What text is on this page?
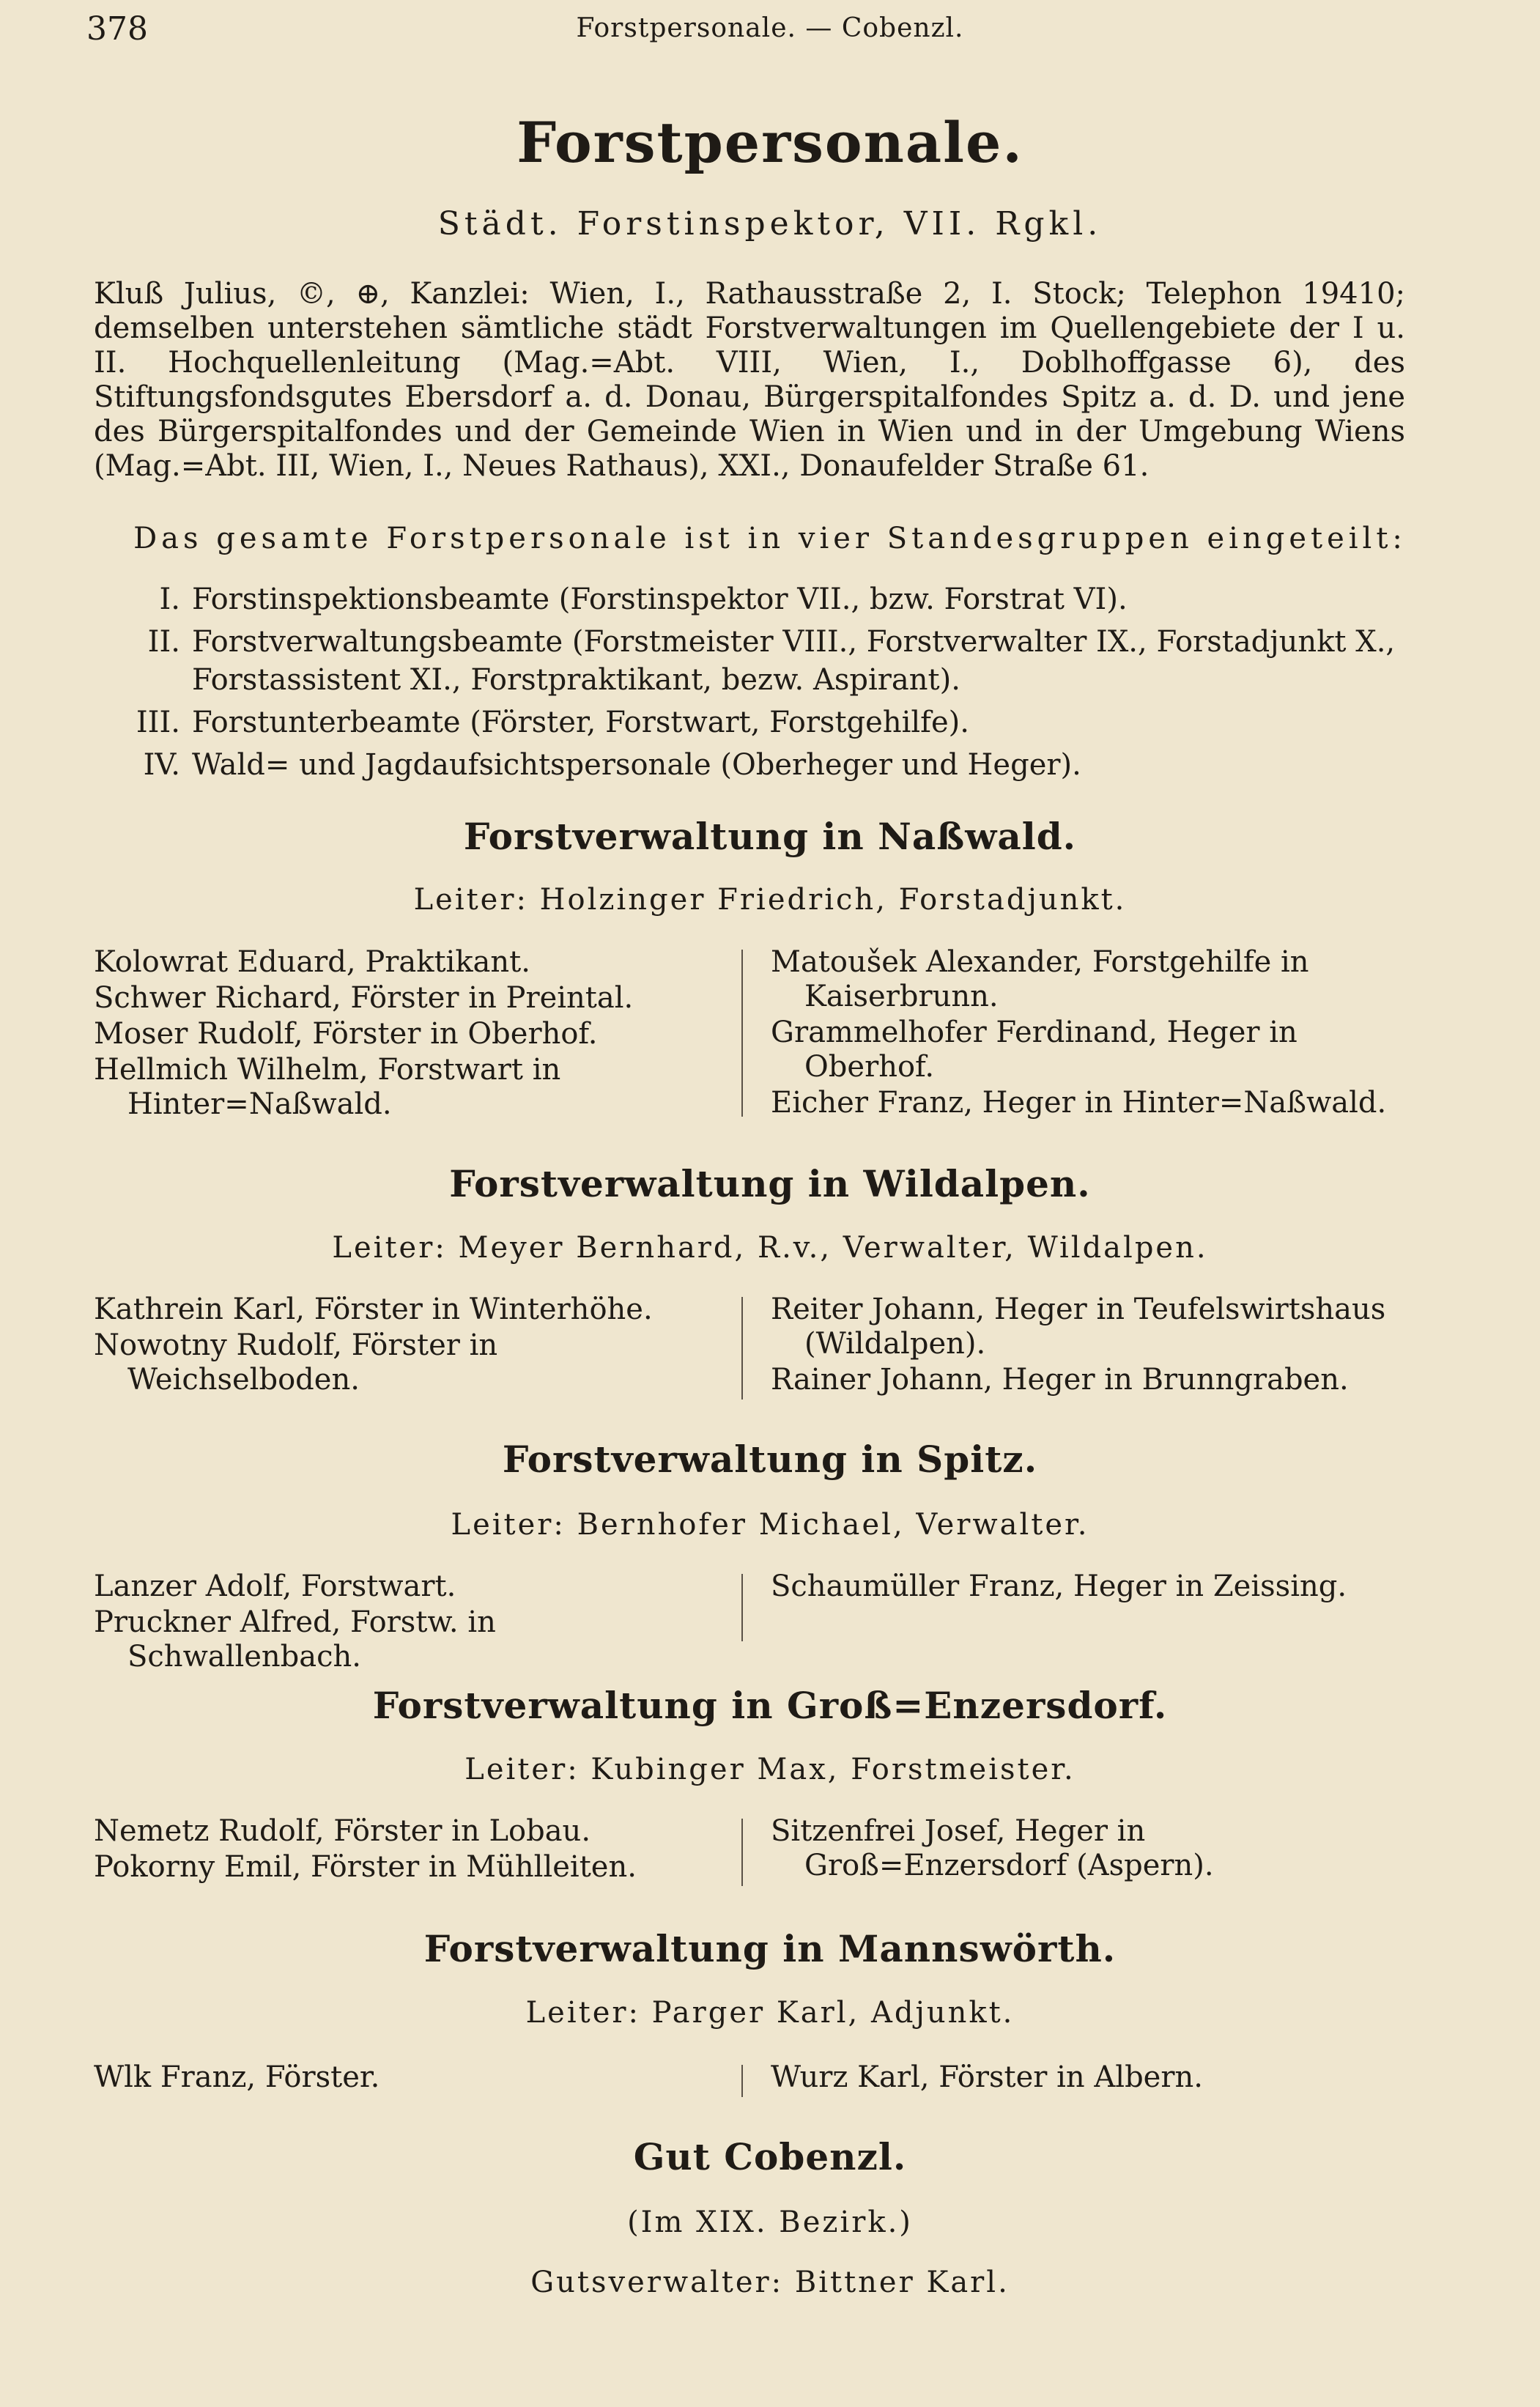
378	Forstpersonale. — Cobenzl.
Forstpersonale.
Städt. Forstinspektor, VII. Rgkl.

Kluß Julius, ©, ⊕, Kanzlei: Wien, I., Rathausstraße 2, I. Stock; Telephon 19410; demselben unterstehen sämtliche städt Forstverwaltungen im Quellengebiete der I u. II. Hochquellenleitung (Mag.=Abt. VIII, Wien, I., Doblhoffgasse 6), des Stiftungsfondsgutes Ebersdorf a. d. Donau, Bürgerspitalfondes Spitz a. d. D. und jene des Bürgerspitalfondes und der Gemeinde Wien in Wien und in der Umgebung Wiens (Mag.=Abt. III, Wien, I., Neues Rathaus), XXI., Donaufelder Straße 61.

Das gesamte Forstpersonale ist in vier Standesgruppen eingeteilt:
I. Forstinspektionsbeamte (Forstinspektor VII., bzw. Forstrat VI).
II. Forstverwaltungsbeamte (Forstmeister VIII., Forstverwalter IX., Forstadjunkt X., Forstassistent XI., Forstpraktikant, bezw. Aspirant).
III. Forstunterbeamte (Förster, Forstwart, Forstgehilfe).
IV. Wald= und Jagdaufsichtspersonale (Oberheger und Heger).
Forstverwaltung in Naßwald.
Leiter: Holzinger Friedrich, Forstadjunkt.

Kolowrat Eduard, Praktikant.

Schwer Richard, Förster in Preintal.

Moser Rudolf, Förster in Oberhof.

Hellmich Wilhelm, Forstwart in Hinter=Naßwald.

Matoušek Alexander, Forstgehilfe in Kaiserbrunn.

Grammelhofer Ferdinand, Heger in Oberhof.

Eicher Franz, Heger in Hinter=Naßwald.

Forstverwaltung in Wildalpen.
Leiter: Meyer Bernhard, R.v., Verwalter, Wildalpen.

Kathrein Karl, Förster in Winterhöhe.

Nowotny Rudolf, Förster in Weichselboden.

Reiter Johann, Heger in Teufelswirtshaus (Wildalpen).

Rainer Johann, Heger in Brunngraben.

Forstverwaltung in Spitz.
Leiter: Bernhofer Michael, Verwalter.

Lanzer Adolf, Forstwart.

Pruckner Alfred, Forstw. in Schwallenbach.

Schaumüller Franz, Heger in Zeissing.

Forstverwaltung in Groß=Enzersdorf.
Leiter: Kubinger Max, Forstmeister.

Nemetz Rudolf, Förster in Lobau.

Pokorny Emil, Förster in Mühlleiten.

Sitzenfrei Josef, Heger in Groß=Enzersdorf (Aspern).

Forstverwaltung in Mannswörth.
Leiter: Parger Karl, Adjunkt.

Wlk Franz, Förster.	Wurz Karl, Förster in Albern.

Gut Cobenzl.
(Im XIX. Bezirk.)
Gutsverwalter: Bittner Karl.
